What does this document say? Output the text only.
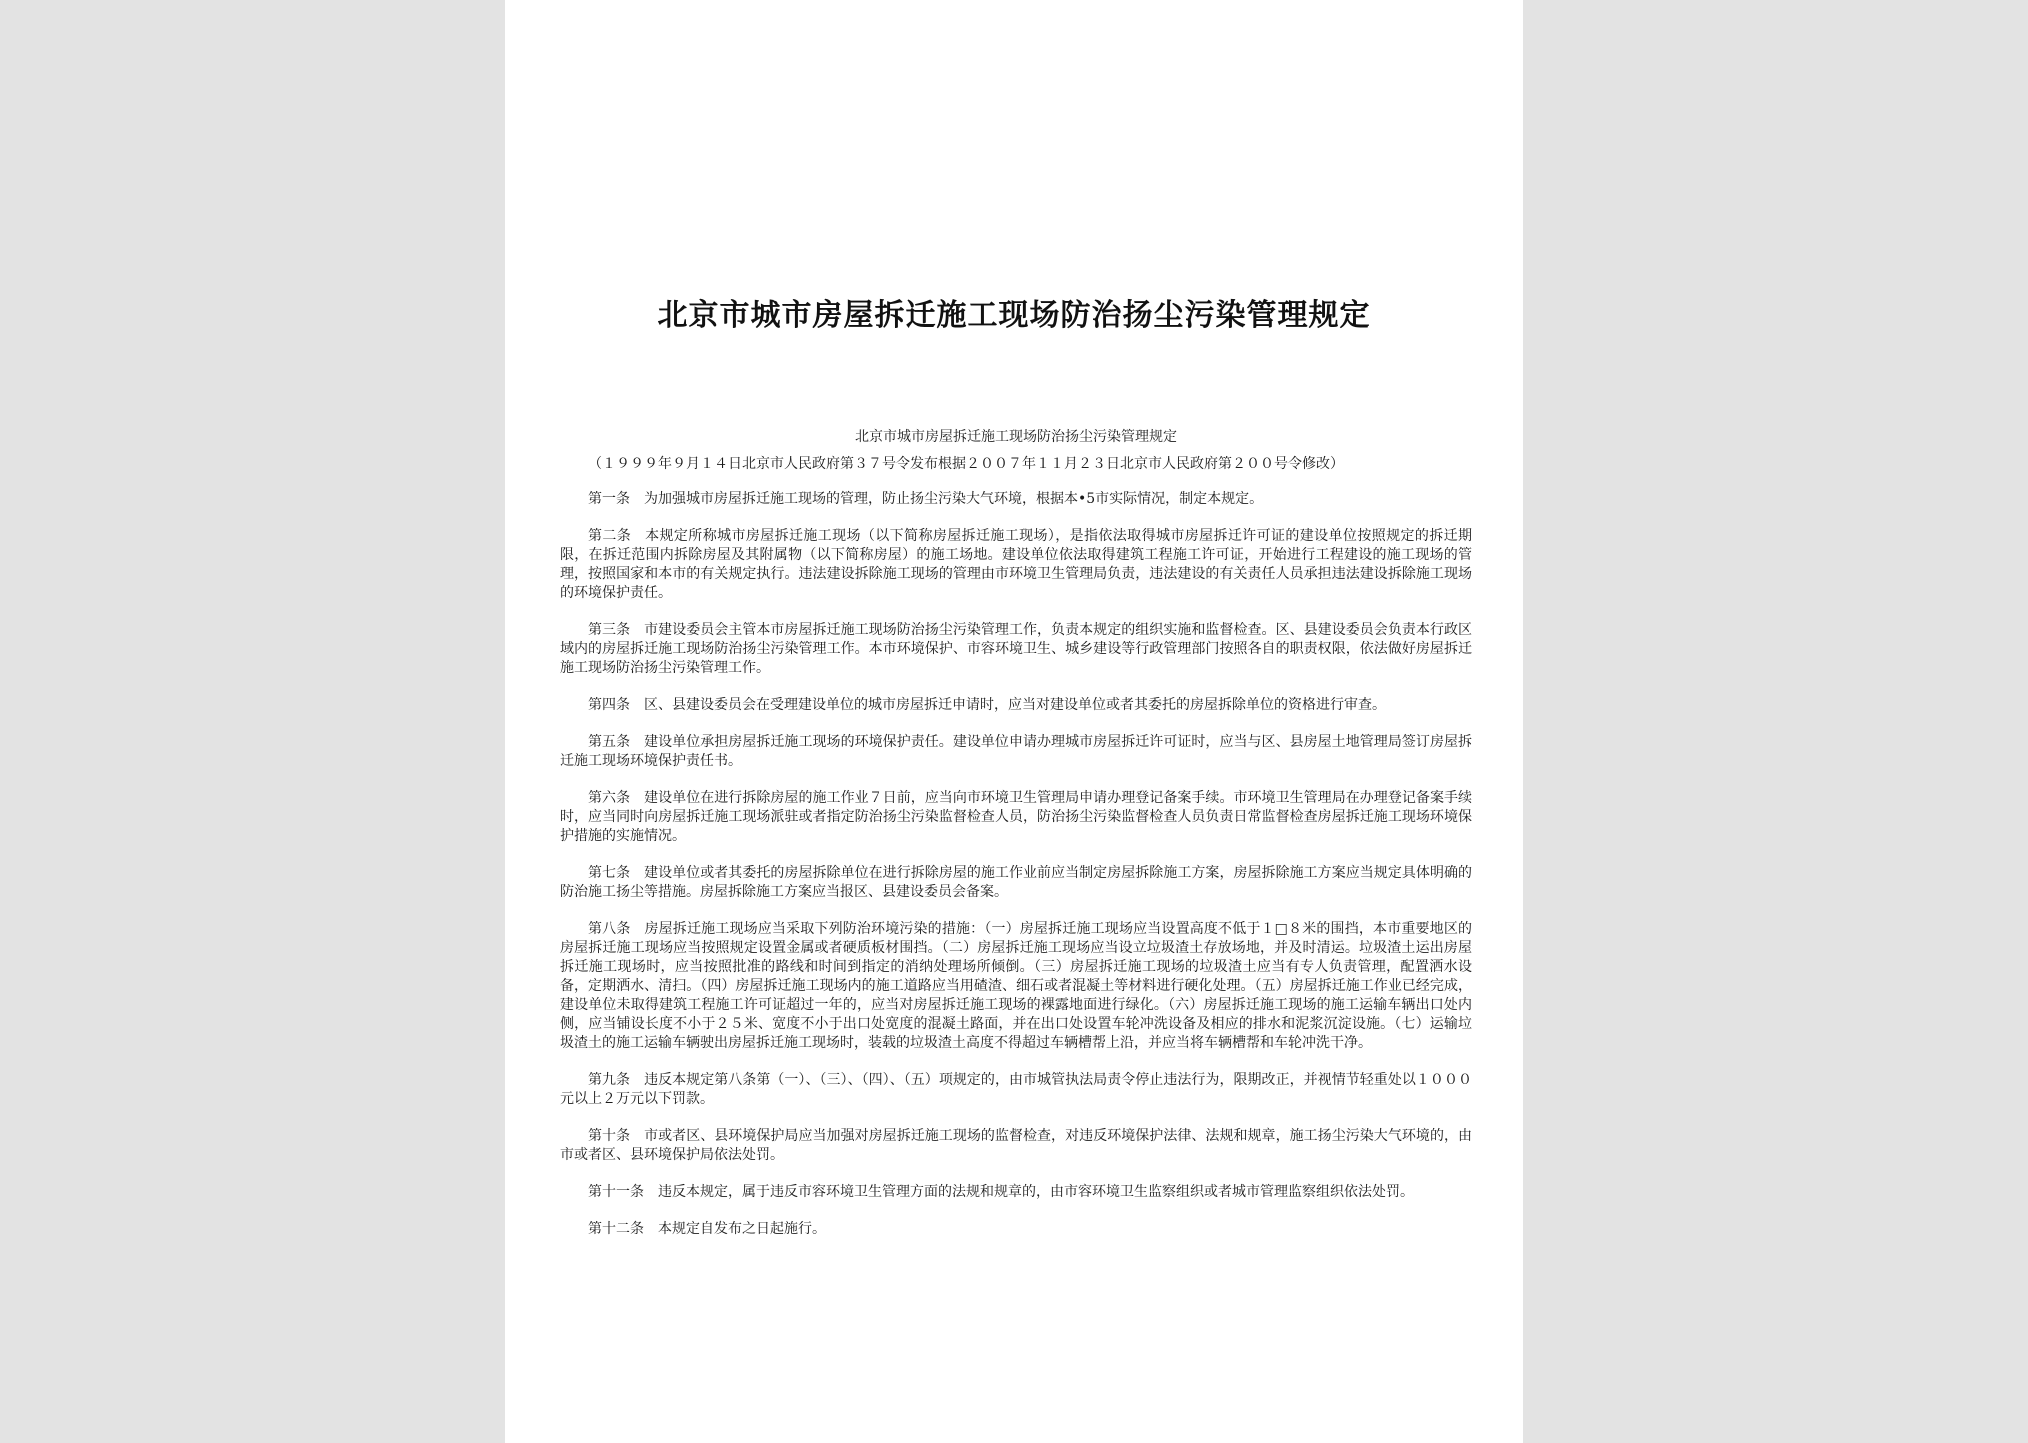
北京市城市房屋拆迁施工现场防治扬尘污染管理规定

北京市城市房屋拆迁施工现场防治扬尘污染管理规定

（１９９９年９月１４日北京市人民政府第３７号令发布根据２００７年１１月２３日北京市人民政府第２００号令修改）

第一条 为加强城市房屋拆迁施工现场的管理，防止扬尘污染大气环境，根据本•5市实际情况，制定本规定。

第二条 本规定所称城市房屋拆迁施工现场（以下简称房屋拆迁施工现场），是指依法取得城市房屋拆迁许可证的建设单位按照规定的拆迁期限，在拆迁范围内拆除房屋及其附属物（以下简称房屋）的施工场地。建设单位依法取得建筑工程施工许可证，开始进行工程建设的施工现场的管理，按照国家和本市的有关规定执行。违法建设拆除施工现场的管理由市环境卫生管理局负责，违法建设的有关责任人员承担违法建设拆除施工现场的环境保护责任。

第三条 市建设委员会主管本市房屋拆迁施工现场防治扬尘污染管理工作，负责本规定的组织实施和监督检查。区、县建设委员会负责本行政区域内的房屋拆迁施工现场防治扬尘污染管理工作。本市环境保护、市容环境卫生、城乡建设等行政管理部门按照各自的职责权限，依法做好房屋拆迁施工现场防治扬尘污染管理工作。

第四条 区、县建设委员会在受理建设单位的城市房屋拆迁申请时，应当对建设单位或者其委托的房屋拆除单位的资格进行审查。

第五条 建设单位承担房屋拆迁施工现场的环境保护责任。建设单位申请办理城市房屋拆迁许可证时，应当与区、县房屋土地管理局签订房屋拆迁施工现场环境保护责任书。

第六条 建设单位在进行拆除房屋的施工作业７日前，应当向市环境卫生管理局申请办理登记备案手续。市环境卫生管理局在办理登记备案手续时，应当同时向房屋拆迁施工现场派驻或者指定防治扬尘污染监督检查人员，防治扬尘污染监督检查人员负责日常监督检查房屋拆迁施工现场环境保护措施的实施情况。

第七条 建设单位或者其委托的房屋拆除单位在进行拆除房屋的施工作业前应当制定房屋拆除施工方案，房屋拆除施工方案应当规定具体明确的防治施工扬尘等措施。房屋拆除施工方案应当报区、县建设委员会备案。

第八条 房屋拆迁施工现场应当采取下列防治环境污染的措施：（一）房屋拆迁施工现场应当设置高度不低于１□８米的围挡，本市重要地区的房屋拆迁施工现场应当按照规定设置金属或者硬质板材围挡。（二）房屋拆迁施工现场应当设立垃圾渣土存放场地，并及时清运。垃圾渣土运出房屋拆迁施工现场时，应当按照批准的路线和时间到指定的消纳处理场所倾倒。（三）房屋拆迁施工现场的垃圾渣土应当有专人负责管理，配置洒水设备，定期洒水、清扫。（四）房屋拆迁施工现场内的施工道路应当用碴渣、细石或者混凝土等材料进行硬化处理。（五）房屋拆迁施工作业已经完成，建设单位未取得建筑工程施工许可证超过一年的，应当对房屋拆迁施工现场的裸露地面进行绿化。（六）房屋拆迁施工现场的施工运输车辆出口处内侧，应当铺设长度不小于２５米、宽度不小于出口处宽度的混凝土路面，并在出口处设置车轮冲洗设备及相应的排水和泥浆沉淀设施。（七）运输垃圾渣土的施工运输车辆驶出房屋拆迁施工现场时，装载的垃圾渣土高度不得超过车辆槽帮上沿，并应当将车辆槽帮和车轮冲洗干净。

第九条 违反本规定第八条第（一）、（三）、（四）、（五）项规定的，由市城管执法局责令停止违法行为，限期改正，并视情节轻重处以１０００元以上２万元以下罚款。

第十条 市或者区、县环境保护局应当加强对房屋拆迁施工现场的监督检查，对违反环境保护法律、法规和规章，施工扬尘污染大气环境的，由市或者区、县环境保护局依法处罚。

第十一条 违反本规定，属于违反市容环境卫生管理方面的法规和规章的，由市容环境卫生监察组织或者城市管理监察组织依法处罚。

第十二条 本规定自发布之日起施行。
